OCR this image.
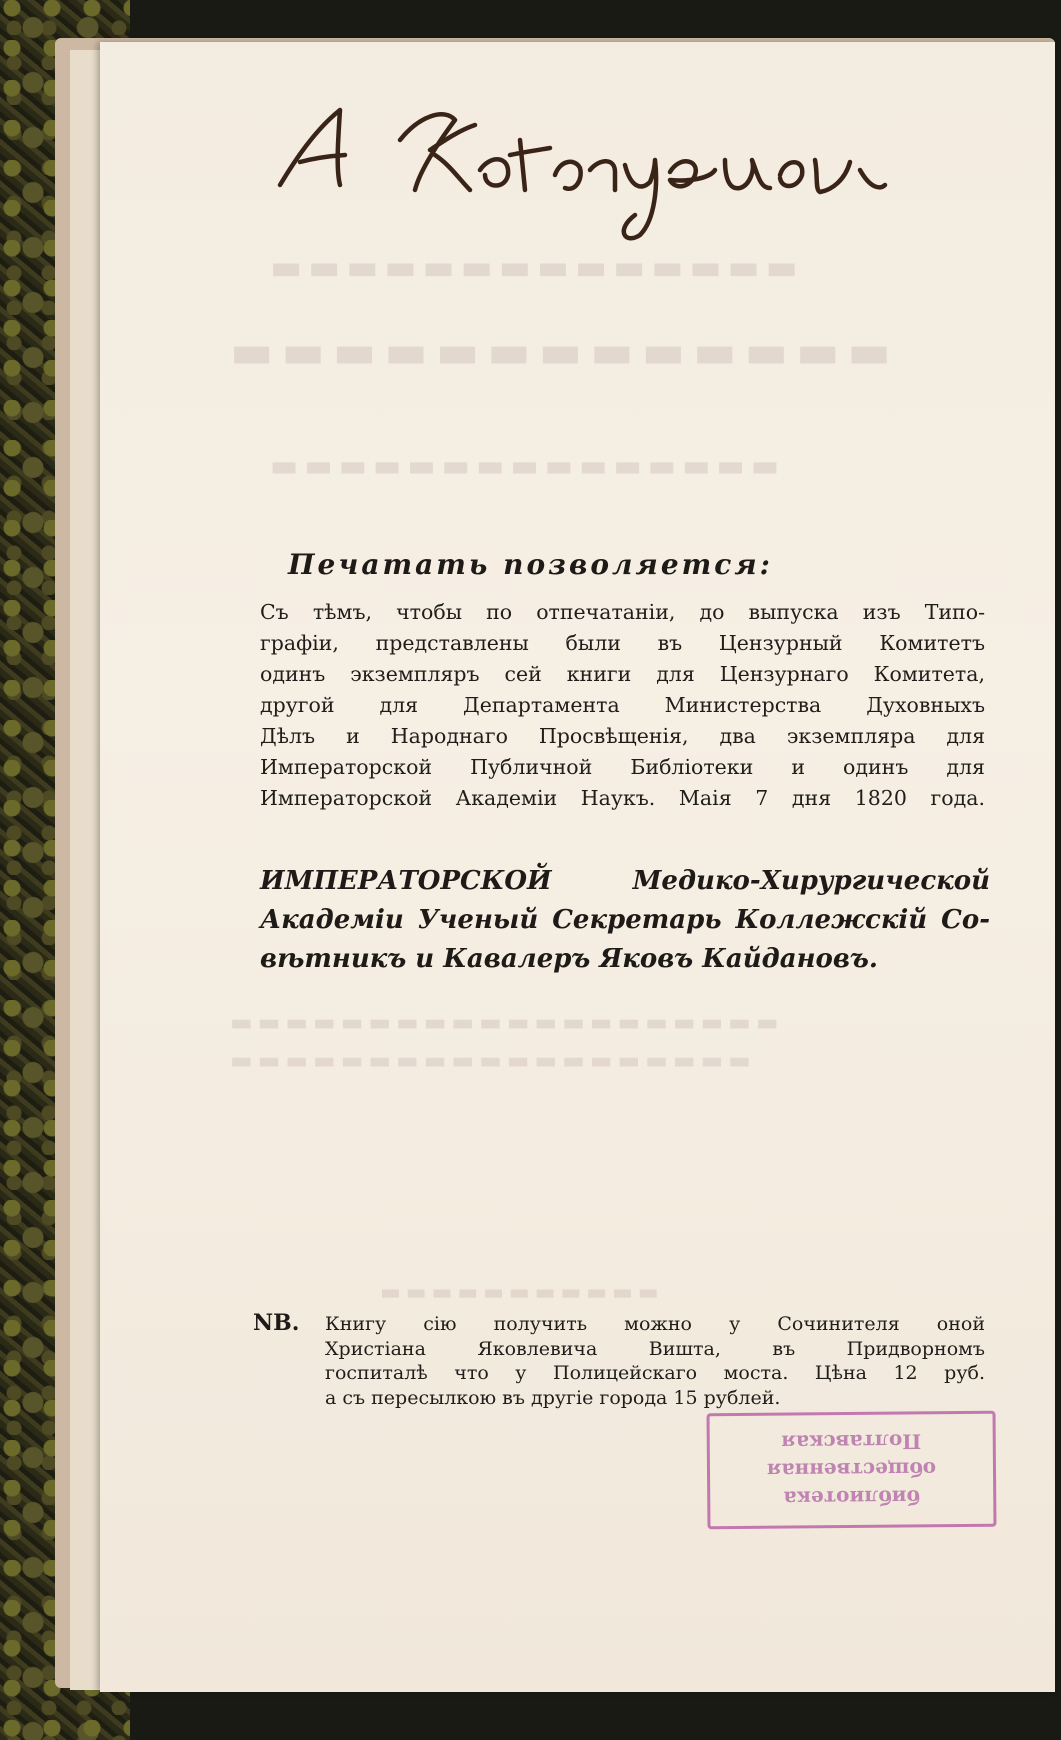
▬▬▬▬▬▬▬▬▬▬▬▬▬▬
▬▬▬▬▬▬▬▬▬▬▬▬▬
▬▬▬▬▬▬▬▬▬▬▬▬▬▬▬
▬▬▬▬▬▬▬▬▬▬▬▬▬▬▬▬▬▬▬▬
▬▬▬▬▬▬▬▬▬▬▬▬▬▬▬▬▬▬▬
▬▬▬▬▬▬▬▬▬▬▬
А Котлярева
Печатать позволяется:
Съ тѣмъ, чтобы по отпечатаніи, до выпуска изъ Типо-
графіи, представлены были въ Цензурный Комитетъ
одинъ экземпляръ сей книги для Цензурнаго Комитета,
другой для Департамента Министерства Духовныхъ
Дѣлъ и Народнаго Просвѣщенія, два экземпляра для
Императорской Публичной Библіотеки и одинъ для
Императорской Академіи Наукъ. Маія 7 дня 1820 года.
ИМПЕРАТОРСКОЙ Медико-Хирургической
Академіи Ученый Секретарь Коллежскій Со-
вѣтникъ и Кавалеръ Яковъ Кайдановъ.
NB. Книгу сію получить можно у Сочинителя оной
Христіана Яковлевича Вишта, въ Придворномъ
госпиталѣ что у Полицейскаго моста. Цѣна 12 руб.
а съ пересылкою въ другіе города 15 рублей.
Полтавская
общественная
библиотека
